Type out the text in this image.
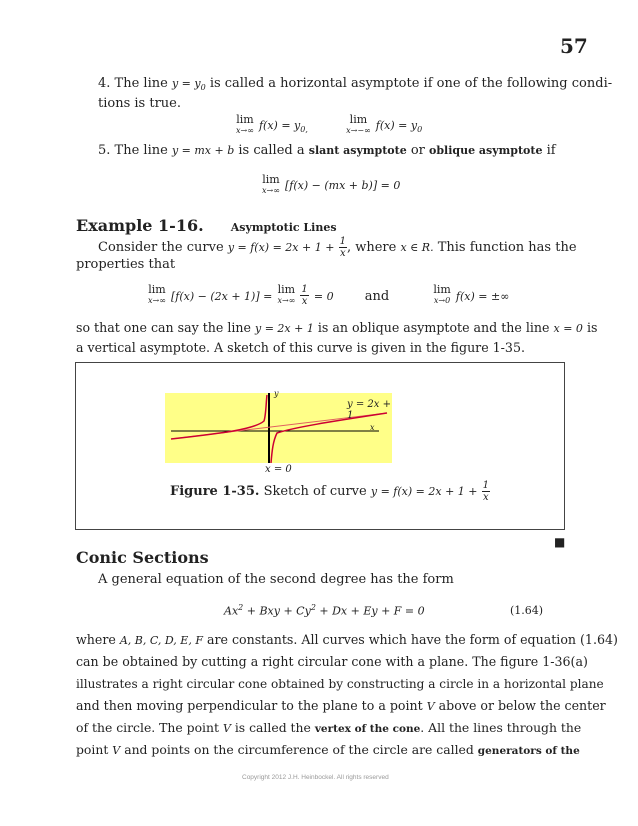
57
4. The line $y = y_0$ is called a horizontal asymptote if one of the following condi-
tions is true.
lim
x→∞ $f(x) = y_{0,}$
lim
x→−∞ $f(x) = y_0$
5. The line y = mx + b is called a slant asymptote or oblique asymptote if
lim
x→∞ [f(x) − (mx + b)] = 0
Example 1-16. Asymptotic Lines
Consider the curve $y = f(x) = 2x + 1 + \frac{1}{x}$ , where x ∈ R. This function has the
properties that
lim
x→∞ [f(x) − (2x + 1)] =
lim
x→∞
$\frac{1}{x} = 0$ and	lim
x→0 f(x) = ±∞
so that one can say the line y = 2x + 1 is an oblique asymptote and the line x = 0 is
a vertical asymptote. A sketch of this curve is given in the figure 1-35.
y = 2x + 1
x
y
x = 0
Figure 1-35. Sketch of curve $y = f(x) = 2x + 1 + \frac{1}{x}$
■
Conic Sections
A general equation of the second degree has the form
$Ax^2$ + Bxy + $Cy^2 + Dx + Ey + F = 0$	(1.64)
where A, B, C, D, E, F are constants. All curves which have the form of equation (1.64)
can be obtained by cutting a right circular cone with a plane. The figure 1-36(a)
illustrates a right circular cone obtained by constructing a circle in a horizontal plane
and then moving perpendicular to the plane to a point V above or below the center
of the circle. The point V is called the vertex of the cone. All the lines through the
point V and points on the circumference of the circle are called generators of the
Copyright 2012 J.H. Heinbockel. All rights reserved
